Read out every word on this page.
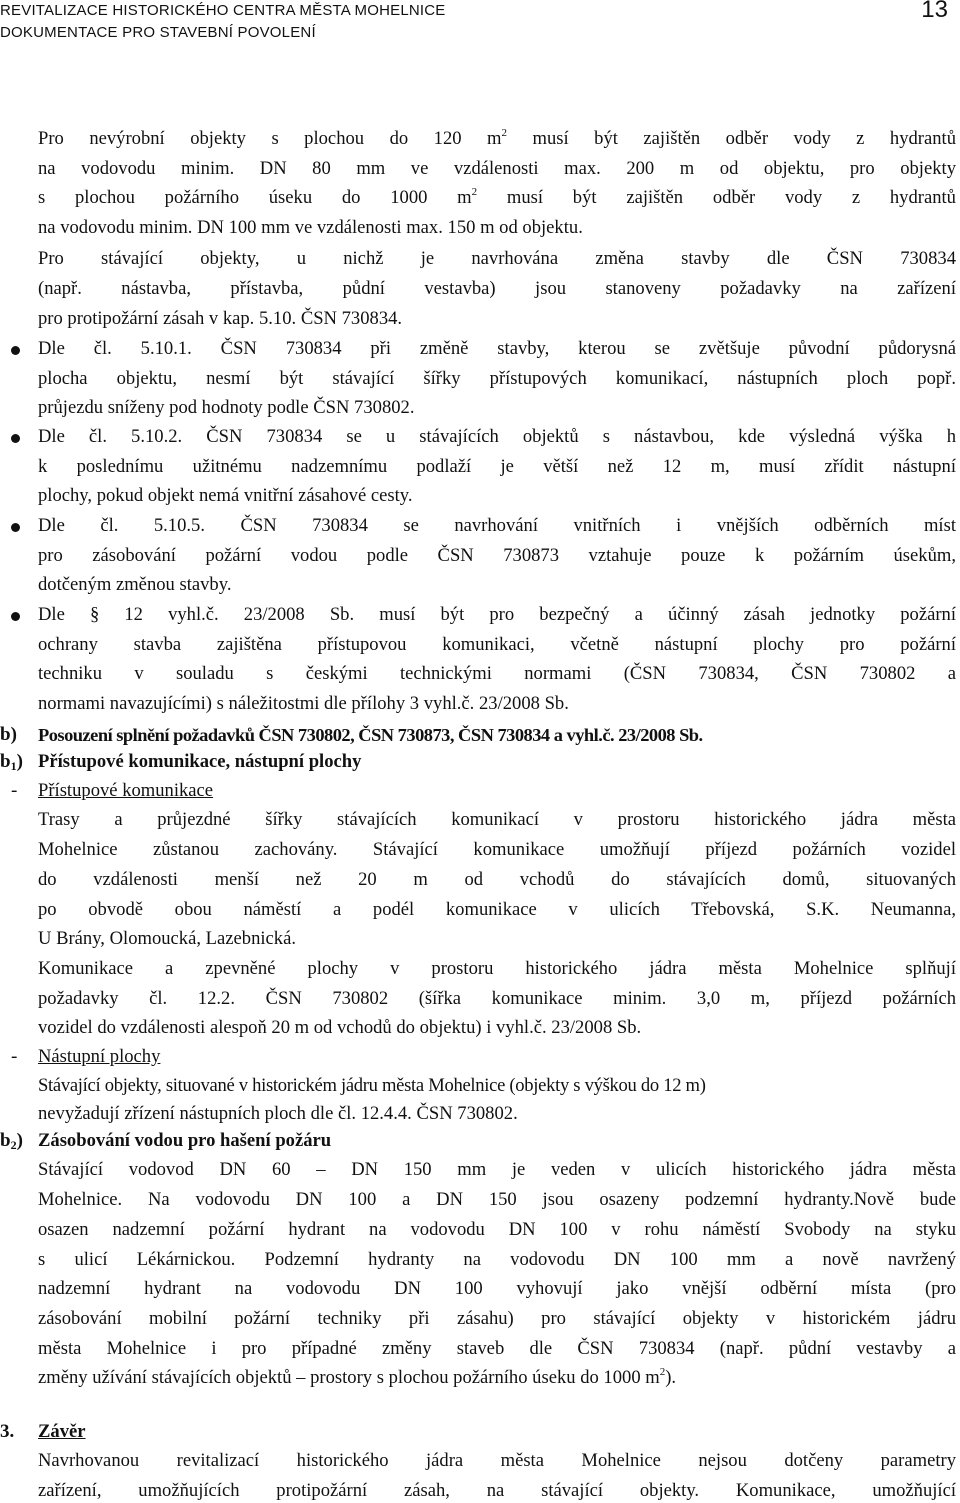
REVITALIZACE HISTORICKÉHO CENTRA MĚSTA MOHELNICE
DOKUMENTACE PRO STAVEBNÍ POVOLENÍ
13
Pro nevýrobní objekty s plochou do 120 $m^2$ musí být zajištěn odběr vody z hydrantů
na vodovodu minim. DN 80 mm ve vzdálenosti max. 200 m od objektu, pro objekty
s plochou požárního úseku do 1000 $m^2$ musí být zajištěn odběr vody z hydrantů
na vodovodu minim. DN 100 mm ve vzdálenosti max. 150 m od objektu.
Pro stávající objekty, u nichž je navrhována změna stavby dle ČSN 730834
(např. nástavba, přístavba, půdní vestavba) jsou stanoveny požadavky na zařízení
pro protipožární zásah v kap. 5.10. ČSN 730834.
Dle čl. 5.10.1. ČSN 730834 při změně stavby, kterou se zvětšuje původní půdorysná
plocha objektu, nesmí být stávající šířky přístupových komunikací, nástupních ploch popř.
průjezdu sníženy pod hodnoty podle ČSN 730802.
Dle čl. 5.10.2. ČSN 730834 se u stávajících objektů s nástavbou, kde výsledná výška h
k poslednímu užitnému nadzemnímu podlaží je větší než 12 m, musí zřídit nástupní
plochy, pokud objekt nemá vnitřní zásahové cesty.
Dle čl. 5.10.5. ČSN 730834 se navrhování vnitřních i vnějších odběrních míst
pro zásobování požární vodou podle ČSN 730873 vztahuje pouze k požárním úsekům,
dotčeným změnou stavby.
Dle § 12 vyhl.č. 23/2008 Sb. musí být pro bezpečný a účinný zásah jednotky požární
ochrany stavba zajištěna přístupovou komunikaci, včetně nástupní plochy pro požární
techniku v souladu s českými technickými normami (ČSN 730834, ČSN 730802 a
normami navazujícími) s náležitostmi dle přílohy 3 vyhl.č. 23/2008 Sb.
b) Posouzení splnění požadavků ČSN 730802, ČSN 730873, ČSN 730834 a vyhl.č. 23/2008 Sb.
$b_1$) Přístupové komunikace, nástupní plochy
- Přístupové komunikace
Trasy a průjezdné šířky stávajících komunikací v prostoru historického jádra města
Mohelnice zůstanou zachovány. Stávající komunikace umožňují příjezd požárních vozidel
do vzdálenosti menší než 20 m od vchodů do stávajících domů, situovaných
po obvodě obou náměstí a podél komunikace v ulicích Třebovská, S.K. Neumanna,
U Brány, Olomoucká, Lazebnická.
Komunikace a zpevněné plochy v prostoru historického jádra města Mohelnice splňují
požadavky čl. 12.2. ČSN 730802 (šířka komunikace minim. 3,0 m, příjezd požárních
vozidel do vzdálenosti alespoň 20 m od vchodů do objektu) i vyhl.č. 23/2008 Sb.
- Nástupní plochy
Stávající objekty, situované v historickém jádru města Mohelnice (objekty s výškou do 12 m)
nevyžadují zřízení nástupních ploch dle čl. 12.4.4. ČSN 730802.
$b_2$) Zásobování vodou pro hašení požáru
Stávající vodovod DN 60 – DN 150 mm je veden v ulicích historického jádra města
Mohelnice. Na vodovodu DN 100 a DN 150 jsou osazeny podzemní hydranty.Nově bude
osazen nadzemní požární hydrant na vodovodu DN 100 v rohu náměstí Svobody na styku
s ulicí Lékárnickou. Podzemní hydranty na vodovodu DN 100 mm a nově navržený
nadzemní hydrant na vodovodu DN 100 vyhovují jako vnější odběrní místa (pro
zásobování mobilní požární techniky při zásahu) pro stávající objekty v historickém jádru
města Mohelnice i pro případné změny staveb dle ČSN 730834 (např. půdní vestavby a
změny užívání stávajících objektů – prostory s plochou požárního úseku do 1000 $m^2$).
3. Závěr
Navrhovanou revitalizací historického jádra města Mohelnice nejsou dotčeny parametry
zařízení, umožňujících protipožární zásah, na stávající objekty. Komunikace, umožňující
